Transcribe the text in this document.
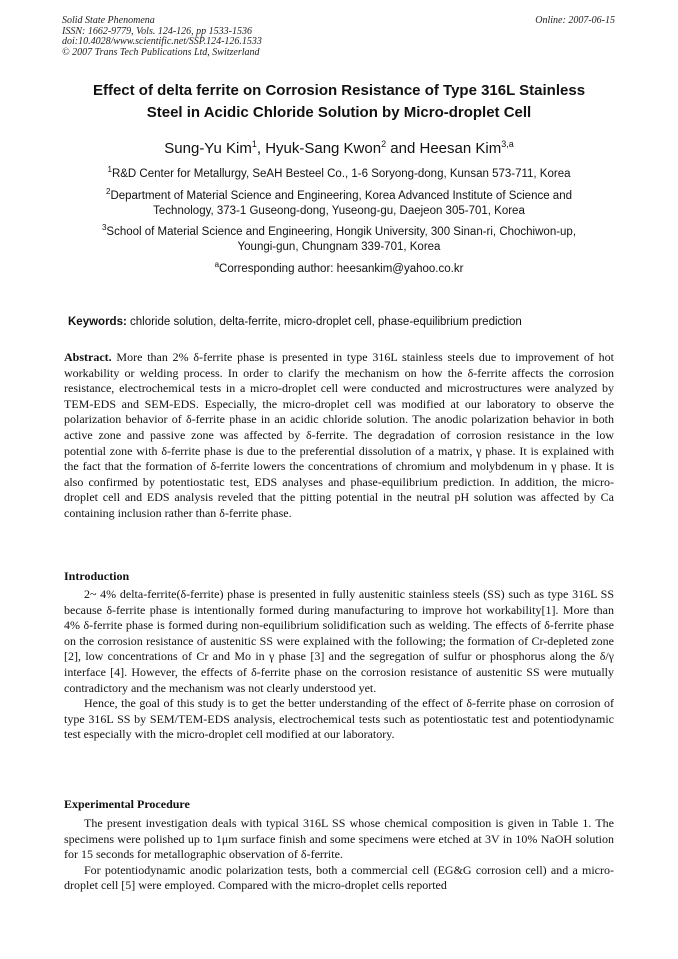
Solid State Phenomena
ISSN: 1662-9779, Vols. 124-126, pp 1533-1536
doi:10.4028/www.scientific.net/SSP.124-126.1533
© 2007 Trans Tech Publications Ltd, Switzerland
Online: 2007-06-15
Effect of delta ferrite on Corrosion Resistance of Type 316L Stainless
Steel in Acidic Chloride Solution by Micro-droplet Cell
Sung-Yu Kim$^1$, Hyuk-Sang Kwon$^2$ and Heesan Kim$^{3,a}$
$^1$R&D Center for Metallurgy, SeAH Besteel Co., 1-6 Soryong-dong, Kunsan 573-711, Korea
$^2$Department of Material Science and Engineering, Korea Advanced Institute of Science and
Technology, 373-1 Guseong-dong, Yuseong-gu, Daejeon 305-701, Korea
$^3$School of Material Science and Engineering, Hongik University, 300 Sinan-ri, Chochiwon-up,
Youngi-gun, Chungnam 339-701, Korea
$^a$Corresponding author: heesankim@yahoo.co.kr
Keywords: chloride solution, delta-ferrite, micro-droplet cell, phase-equilibrium prediction
Abstract. More than 2% δ-ferrite phase is presented in type 316L stainless steels due to improvement of hot workability or welding process. In order to clarify the mechanism on how the δ-ferrite affects the corrosion resistance, electrochemical tests in a micro-droplet cell were conducted and microstructures were analyzed by TEM-EDS and SEM-EDS. Especially, the micro-droplet cell was modified at our laboratory to observe the polarization behavior of δ-ferrite phase in an acidic chloride solution. The anodic polarization behavior in both active zone and passive zone was affected by δ-ferrite. The degradation of corrosion resistance in the low potential zone with δ-ferrite phase is due to the preferential dissolution of a matrix, γ phase. It is explained with the fact that the formation of δ-ferrite lowers the concentrations of chromium and molybdenum in γ phase. It is also confirmed by potentiostatic test, EDS analyses and phase-equilibrium prediction. In addition, the micro-droplet cell and EDS analysis reveled that the pitting potential in the neutral pH solution was affected by Ca containing inclusion rather than δ-ferrite phase.
Introduction
2~ 4% delta-ferrite(δ-ferrite) phase is presented in fully austenitic stainless steels (SS) such as type 316L SS because δ-ferrite phase is intentionally formed during manufacturing to improve hot workability[1]. More than 4% δ-ferrite phase is formed during non-equilibrium solidification such as welding. The effects of δ-ferrite phase on the corrosion resistance of austenitic SS were explained with the following; the formation of Cr-depleted zone [2], low concentrations of Cr and Mo in γ phase [3] and the segregation of sulfur or phosphorus along the δ/γ interface [4]. However, the effects of δ-ferrite phase on the corrosion resistance of austenitic SS were mutually contradictory and the mechanism was not clearly understood yet.
Hence, the goal of this study is to get the better understanding of the effect of δ-ferrite phase on corrosion of type 316L SS by SEM/TEM-EDS analysis, electrochemical tests such as potentiostatic test and potentiodynamic test especially with the micro-droplet cell modified at our laboratory.
Experimental Procedure
The present investigation deals with typical 316L SS whose chemical composition is given in Table 1. The specimens were polished up to 1μm surface finish and some specimens were etched at 3V in 10% NaOH solution for 15 seconds for metallographic observation of δ-ferrite.
For potentiodynamic anodic polarization tests, both a commercial cell (EG&G corrosion cell) and a micro-droplet cell [5] were employed. Compared with the micro-droplet cells reported
